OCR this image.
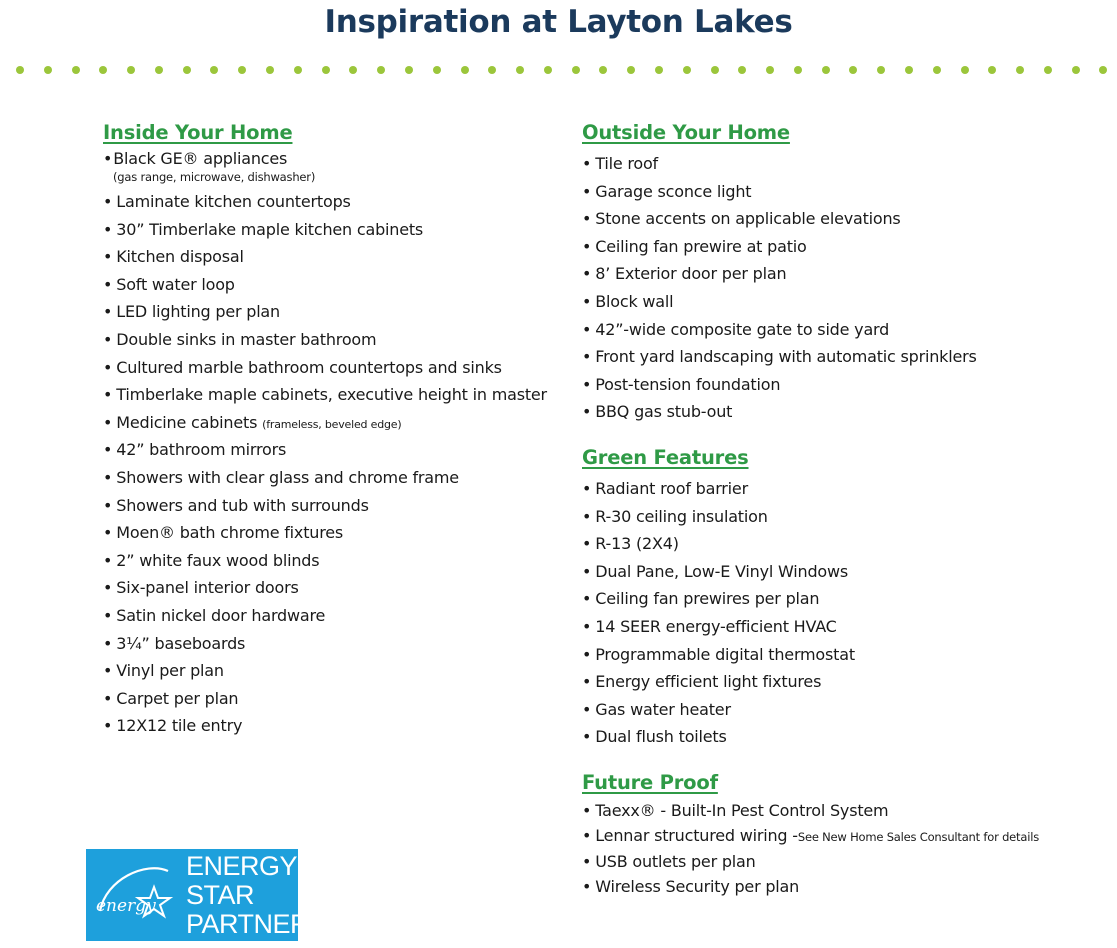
Inspiration at Layton Lakes
Inside Your Home
•Black GE® appliances
(gas range, microwave, dishwasher)
• Laminate kitchen countertops
• 30” Timberlake maple kitchen cabinets
• Kitchen disposal
• Soft water loop
• LED lighting per plan
• Double sinks in master bathroom
• Cultured marble bathroom countertops and sinks
• Timberlake maple cabinets, executive height in master
• Medicine cabinets (frameless, beveled edge)
• 42” bathroom mirrors
• Showers with clear glass and chrome frame
• Showers and tub with surrounds
• Moen® bath chrome fixtures
• 2” white faux wood blinds
• Six-panel interior doors
• Satin nickel door hardware
• 3¼” baseboards
• Vinyl per plan
• Carpet per plan
• 12X12 tile entry
Outside Your Home
• Tile roof
• Garage sconce light
• Stone accents on applicable elevations
• Ceiling fan prewire at patio
• 8’ Exterior door per plan
• Block wall
• 42”-wide composite gate to side yard
• Front yard landscaping with automatic sprinklers
• Post-tension foundation
• BBQ gas stub-out
Green Features
• Radiant roof barrier
• R-30 ceiling insulation
• R-13 (2X4)
• Dual Pane, Low-E Vinyl Windows
• Ceiling fan prewires per plan
• 14 SEER energy-efficient HVAC
• Programmable digital thermostat
• Energy efficient light fixtures
• Gas water heater
• Dual flush toilets
Future Proof
• Taexx® - Built-In Pest Control System
• Lennar structured wiring -See New Home Sales Consultant for details
• USB outlets per plan
• Wireless Security per plan
energy
ENERGY
STAR
PARTNER
